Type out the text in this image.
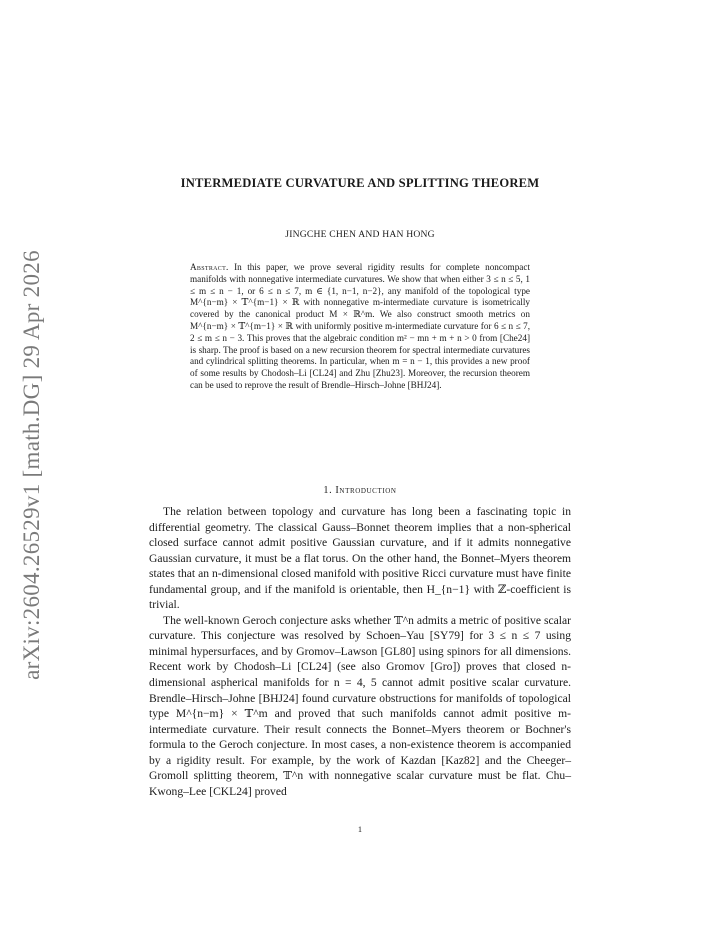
arXiv:2604.26529v1 [math.DG] 29 Apr 2026
INTERMEDIATE CURVATURE AND SPLITTING THEOREM
JINGCHE CHEN AND HAN HONG
Abstract. In this paper, we prove several rigidity results for complete noncompact manifolds with nonnegative intermediate curvatures. We show that when either 3 ≤ n ≤ 5, 1 ≤ m ≤ n − 1, or 6 ≤ n ≤ 7, m ∈ {1, n−1, n−2}, any manifold of the topological type M^{n−m} × 𝕋^{m−1} × ℝ with nonnegative m-intermediate curvature is isometrically covered by the canonical product M × ℝ^m. We also construct smooth metrics on M^{n−m} × 𝕋^{m−1} × ℝ with uniformly positive m-intermediate curvature for 6 ≤ n ≤ 7, 2 ≤ m ≤ n − 3. This proves that the algebraic condition m² − mn + m + n > 0 from [Che24] is sharp. The proof is based on a new recursion theorem for spectral intermediate curvatures and cylindrical splitting theorems. In particular, when m = n − 1, this provides a new proof of some results by Chodosh–Li [CL24] and Zhu [Zhu23]. Moreover, the recursion theorem can be used to reprove the result of Brendle–Hirsch–Johne [BHJ24].
1. Introduction

The relation between topology and curvature has long been a fascinating topic in differential geometry. The classical Gauss–Bonnet theorem implies that a non-spherical closed surface cannot admit positive Gaussian curvature, and if it admits nonnegative Gaussian curvature, it must be a flat torus. On the other hand, the Bonnet–Myers theorem states that an n-dimensional closed manifold with positive Ricci curvature must have finite fundamental group, and if the manifold is orientable, then H_{n−1} with ℤ-coefficient is trivial.

The well-known Geroch conjecture asks whether 𝕋^n admits a metric of positive scalar curvature. This conjecture was resolved by Schoen–Yau [SY79] for 3 ≤ n ≤ 7 using minimal hypersurfaces, and by Gromov–Lawson [GL80] using spinors for all dimensions. Recent work by Chodosh–Li [CL24] (see also Gromov [Gro]) proves that closed n-dimensional aspherical manifolds for n = 4, 5 cannot admit positive scalar curvature. Brendle–Hirsch–Johne [BHJ24] found curvature obstructions for manifolds of topological type M^{n−m} × 𝕋^m and proved that such manifolds cannot admit positive m-intermediate curvature. Their result connects the Bonnet–Myers theorem or Bochner's formula to the Geroch conjecture. In most cases, a non-existence theorem is accompanied by a rigidity result. For example, by the work of Kazdan [Kaz82] and the Cheeger–Gromoll splitting theorem, 𝕋^n with nonnegative scalar curvature must be flat. Chu–Kwong–Lee [CKL24] proved

1
